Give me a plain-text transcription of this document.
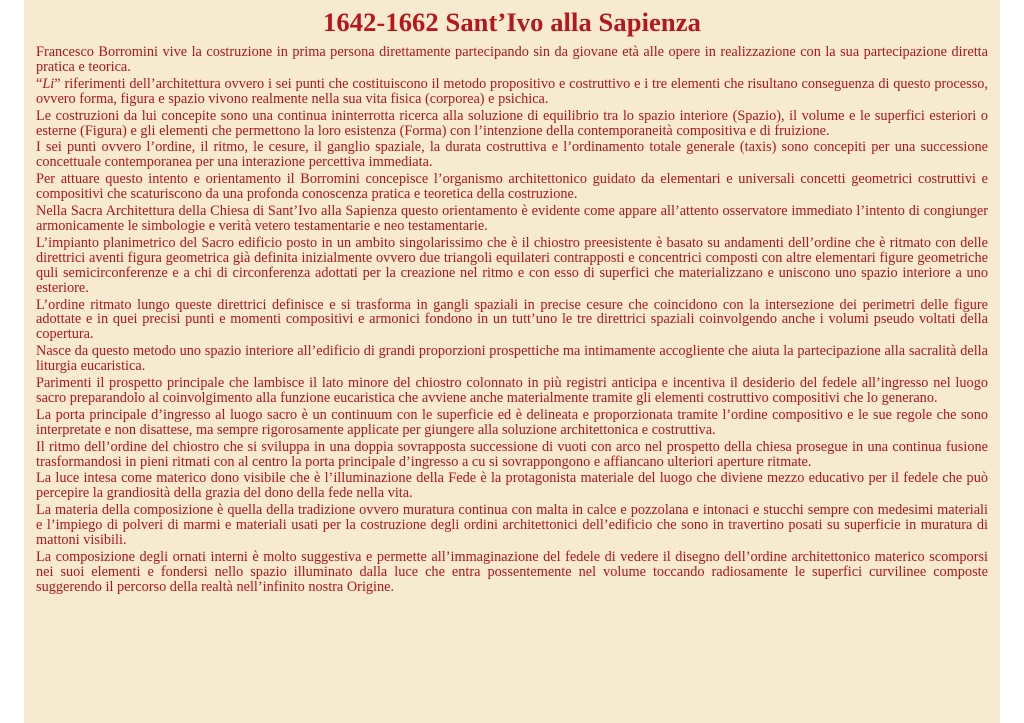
1642-1662 Sant’Ivo alla Sapienza

Francesco Borromini vive la costruzione in prima persona direttamente partecipando sin da giovane età alle opere in realizzazione con la sua partecipazione diretta pratica e teorica.

“Li” riferimenti dell’architettura ovvero i sei punti che costituiscono il metodo propositivo e costruttivo e i tre elementi che risultano conseguenza di questo processo, ovvero forma, figura e spazio vivono realmente nella sua vita fisica (corporea) e psichica.

Le costruzioni da lui concepite sono una continua ininterrotta ricerca alla soluzione di equilibrio tra lo spazio interiore (Spazio), il volume e le superfici esteriori o esterne (Figura) e gli elementi che permettono la loro esistenza (Forma) con l’intenzione della contemporaneità compositiva e di fruizione.

I sei punti ovvero l’ordine, il ritmo, le cesure, il ganglio spaziale, la durata costruttiva e l’ordinamento totale generale (taxis) sono concepiti per una successione concettuale contemporanea per una interazione percettiva immediata.

Per attuare questo intento e orientamento il Borromini concepisce l’organismo architettonico guidato da elementari e universali concetti geometrici costruttivi e compositivi che scaturiscono da una profonda conoscenza pratica e teoretica della costruzione.

Nella Sacra Architettura della Chiesa di Sant’Ivo alla Sapienza questo orientamento è evidente come appare all’attento osservatore immediato l’intento di congiunger armonicamente le simbologie e verità vetero testamentarie e neo testamentarie.

L’impianto planimetrico del Sacro edificio posto in un ambito singolarissimo che è il chiostro preesistente è basato su andamenti dell’ordine che è ritmato con delle direttrici aventi figura geometrica già definita inizialmente ovvero due triangoli equilateri contrapposti e concentrici composti con altre elementari figure geometriche quli semicirconferenze e a chi di circonferenza adottati per la creazione nel ritmo e con esso di superfici che materializzano e uniscono uno spazio interiore a uno esteriore.

L’ordine ritmato lungo queste direttrici definisce e si trasforma in gangli spaziali in precise cesure che coincidono con la intersezione dei perimetri delle figure adottate e in quei precisi punti e momenti compositivi e armonici fondono in un tutt’uno le tre direttrici spaziali coinvolgendo anche i volumi pseudo voltati della copertura.

Nasce da questo metodo uno spazio interiore all’edificio di grandi proporzioni prospettiche ma intimamente accogliente che aiuta la partecipazione alla sacralità della liturgia eucaristica.

Parimenti il prospetto principale che lambisce il lato minore del chiostro colonnato in più registri anticipa e incentiva il desiderio del fedele all’ingresso nel luogo sacro preparandolo al coinvolgimento alla funzione eucaristica che avviene anche materialmente tramite gli elementi costruttivo compositivi che lo generano.

La porta principale d’ingresso al luogo sacro è un continuum con le superficie ed è delineata e proporzionata tramite l’ordine compositivo e le sue regole che sono interpretate e non disattese, ma sempre rigorosamente applicate per giungere alla soluzione architettonica e costruttiva.

Il ritmo dell’ordine del chiostro che si sviluppa in una doppia sovrapposta successione di vuoti con arco nel prospetto della chiesa prosegue in una continua fusione trasformandosi in pieni ritmati con al centro la porta principale d’ingresso a cu si sovrappongono e affiancano ulteriori aperture ritmate.

La luce intesa come materico dono visibile che è l’illuminazione della Fede è la protagonista materiale del luogo che diviene mezzo educativo per il fedele che può percepire la grandiosità della grazia del dono della fede nella vita.

La materia della composizione è quella della tradizione ovvero muratura continua con malta in calce e pozzolana e intonaci e stucchi sempre con medesimi materiali e l’impiego di polveri di marmi e materiali usati per la costruzione degli ordini architettonici dell’edificio che sono in travertino posati su superficie in muratura di mattoni visibili.

La composizione degli ornati interni è molto suggestiva e permette all’immaginazione del fedele di vedere il disegno dell’ordine architettonico materico scomporsi nei suoi elementi e fondersi nello spazio illuminato dalla luce che entra possentemente nel volume toccando radiosamente le superfici curvilinee composte suggerendo il percorso della realtà nell’infinito nostra Origine.
